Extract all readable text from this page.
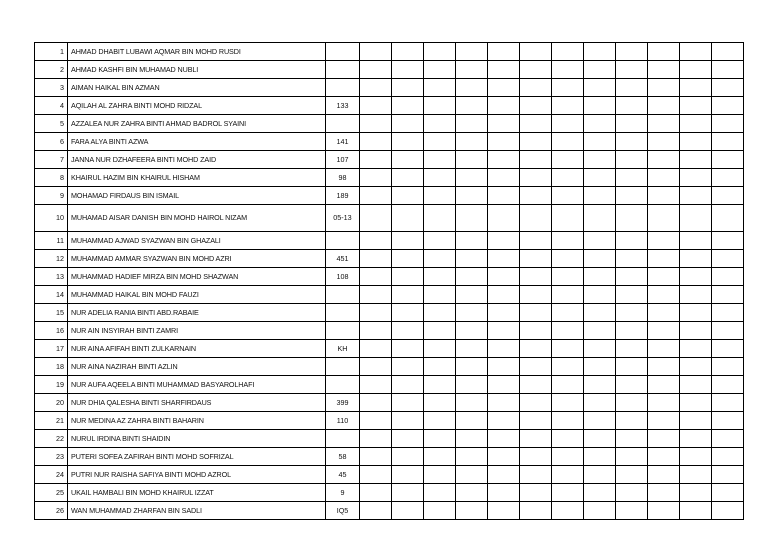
1	AHMAD DHABIT LUBAWI AQMAR BIN MOHD RUSDI													
2	AHMAD KASHFI BIN MUHAMAD NUBLI													
3	AIMAN HAIKAL BIN AZMAN													
4	AQILAH AL ZAHRA BINTI MOHD RIDZAL	133												
5	AZZALEA NUR ZAHRA BINTI AHMAD BADROL SYAINI													
6	FARA ALYA BINTI AZWA	141												
7	JANNA NUR DZHAFEERA BINTI MOHD ZAID	107												
8	KHAIRUL HAZIM BIN KHAIRUL HISHAM	98												
9	MOHAMAD FIRDAUS BIN ISMAIL	189												
10	MUHAMAD AISAR DANISH BIN MOHD HAIROL NIZAM	05-13												
11	MUHAMMAD AJWAD SYAZWAN BIN GHAZALI													
12	MUHAMMAD AMMAR SYAZWAN BIN MOHD AZRI	451												
13	MUHAMMAD HADIEF MIRZA BIN MOHD SHAZWAN	108												
14	MUHAMMAD HAIKAL BIN MOHD FAUZI													
15	NUR ADELIA RANIA BINTI ABD.RABAIE													
16	NUR AIN INSYIRAH BINTI ZAMRI													
17	NUR AINA AFIFAH BINTI ZULKARNAIN	KH												
18	NUR AINA NAZIRAH BINTI AZLIN													
19	NUR AUFA AQEELA BINTI MUHAMMAD BASYAROLHAFI													
20	NUR DHIA QALESHA BINTI SHARFIRDAUS	399												
21	NUR MEDINA AZ ZAHRA BINTI BAHARIN	110												
22	NURUL IRDINA BINTI SHAIDIN													
23	PUTERI SOFEA ZAFIRAH BINTI MOHD SOFRIZAL	58												
24	PUTRI NUR RAISHA SAFIYA BINTI MOHD AZROL	45												
25	UKAIL HAMBALI BIN MOHD KHAIRUL IZZAT	9												
26	WAN MUHAMMAD ZHARFAN BIN SADLI	IQ5												
